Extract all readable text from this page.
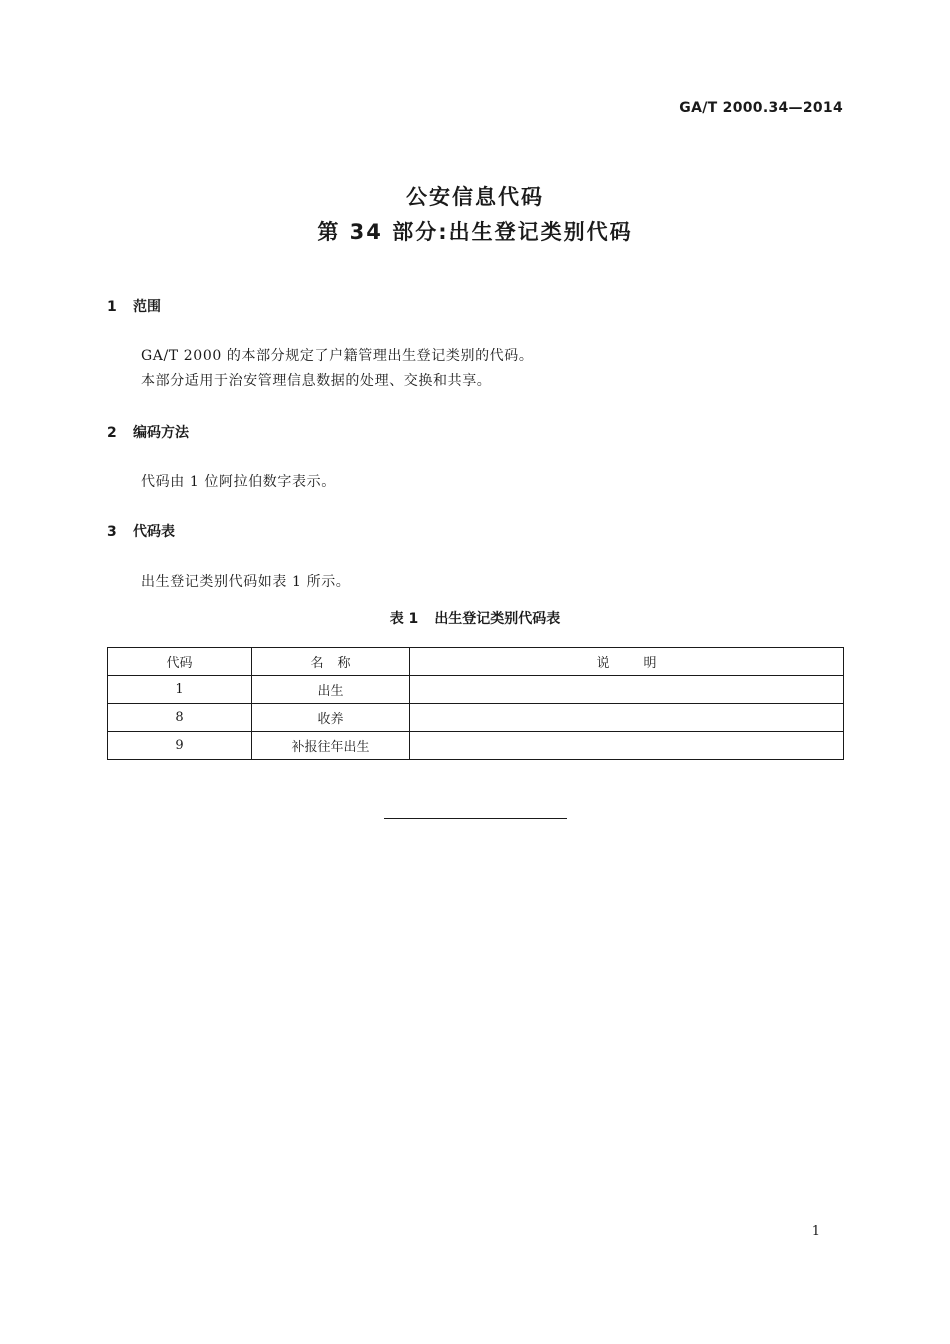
GA/T 2000.34—2014
公安信息代码
第 34 部分:出生登记类别代码
1 范围
GA/T 2000 的本部分规定了户籍管理出生登记类别的代码。
本部分适用于治安管理信息数据的处理、交换和共享。
2 编码方法
代码由 1 位阿拉伯数字表示。
3 代码表
出生登记类别代码如表 1 所示。
表 1 出生登记类别代码表
代码	名称	说明
1	出生	
8	收养	
9	补报往年出生	
1
